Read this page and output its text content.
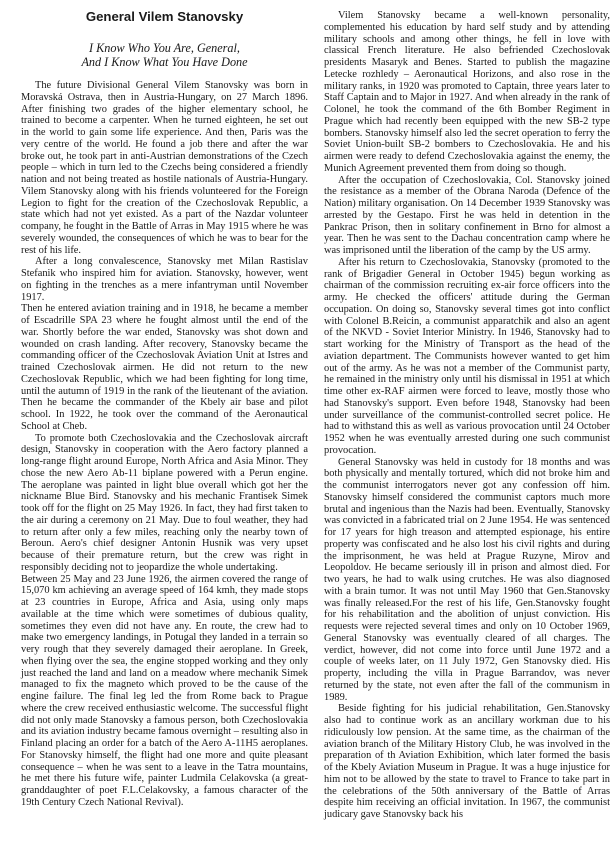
General Vilem Stanovsky
I Know Who You Are, General,
And I Know What You Have Done

The future Divisional General Vilem Stanovsky was born in Moravská Ostrava, then in Austria-Hungary, on 27 March 1896. After finishing two grades of the higher elementary school, he trained to become a carpenter. When he turned eighteen, he set out in the world to gain some life experience. And then, Paris was the very centre of the world. He found a job there and after the war broke out, he took part in anti-Austrian demonstrations of the Czech people – which in turn led to the Czechs being considered a friendly nation and not being treated as hostile nationals of Austria-Hungary. Vilem Stanovsky along with his friends volunteered for the Foreign Legion to fight for the creation of the Czechoslovak Republic, a state which had not yet existed. As a part of the Nazdar volunteer company, he fought in the Battle of Arras in May 1915 where he was severely wounded, the consequences of which he was to bear for the rest of his life.

After a long convalescence, Stanovsky met Milan Rastislav Stefanik who inspired him for aviation. Stanovsky, however, went on fighting in the trenches as a mere infantryman until November 1917.

Then he entered aviation training and in 1918, he became a member of Escadrille SPA 23 where he fought almost until the end of the war. Shortly before the war ended, Stanovsky was shot down and wounded on crash landing. After recovery, Stanovsky became the commanding officer of the Czechoslovak Aviation Unit at Istres and trained Czechoslovak airmen. He did not return to the new Czechoslovak Republic, which we had been fighting for long time, until the autumn of 1919 in the rank of the lieutenant of the aviation. Then he became the commander of the Kbely air base and pilot school. In 1922, he took over the command of the Aeronautical School at Cheb.

To promote both Czechoslovakia and the Czechoslovak aircraft design, Stanovsky in cooperation with the Aero factory planned a long-range flight around Europe, North Africa and Asia Minor. They chose the new Aero Ab-11 biplane powered with a Perun engine. The aeroplane was painted in light blue overall which got her the nickname Blue Bird. Stanovsky and his mechanic Frantisek Simek took off for the flight on 25 May 1926. In fact, they had first taken to the air during a ceremony on 21 May. Due to foul weather, they had to return after only a few miles, reaching only the nearby town of Beroun. Aero's chief designer Antonin Husnik was very upset because of their premature return, but the crew was right in responsibly deciding not to jeopardize the whole undertaking.

Between 25 May and 23 June 1926, the airmen covered the range of 15,070 km achieving an average speed of 164 kmh, they made stops at 23 countries in Europe, Africa and Asia, using only maps available at the time which were sometimes of dubious quality, sometimes they even did not have any. En route, the crew had to make two emergency landings, in Potugal they landed in a terrain so very rough that they severely damaged their aeroplane. In Greek, when flying over the sea, the engine stopped working and they only just reached the land and land on a meadow where mechanik Simek managed to fix the magneto which proved to be the cause of the engine failure. The final leg led the from Rome back to Prague where the crew received enthusiastic welcome. The successful flight did not only made Stanovsky a famous person, both Czechoslovakia and its aviation industry became famous overnight – resulting also in Finland placing an order for a batch of the Aero A-11H5 aeroplanes. For Stanovsky himself, the flight had one more and quite pleasant consequence – when he was sent to a leave in the Tatra mountains, he met there his future wife, painter Ludmila Celakovska (a great-granddaughter of poet F.L.Celakovsky, a famous character of the 19th Century Czech National Revival).

Vilem Stanovsky became a well-known personality, complemented his education by hard self study and by attending military schools and among other things, he fell in love with classical French literature. He also befriended Czechoslovak presidents Masaryk and Benes. Started to publish the magazine Letecke rozhledy – Aeronautical Horizons, and also rose in the military ranks, in 1920 was promoted to Captain, three years later to Staff Captain and to Major in 1927. And when already in the rank of Colonel, he took the command of the 6th Bomber Regiment in Prague which had recently been equipped with the new SB-2 type bombers. Stanovsky himself also led the secret operation to ferry the Soviet Union-built SB-2 bombers to Czechoslovakia. He and his airmen were ready to defend Czechoslovakia against the enemy, the Munich Agreement prevented them from doing so though.

After the occupation of Czechoslovakia, Col. Stanovsky joined the resistance as a member of the Obrana Naroda (Defence of the Nation) military organisation. On 14 December 1939 Stanovsky was arrested by the Gestapo. First he was held in detention in the Pankrac Prison, then in solitary confinement in Brno for almost a year. Then he was sent to the Dachau concentration camp where he was imprisoned until the liberation of the camp by the US army.

After his return to Czechoslovakia, Stanovsky (promoted to the rank of Brigadier General in October 1945) begun working as chairman of the commission recruiting ex-air force officers into the army. He checked the officers' attitude during the German occupation. On doing so, Stanovsky several times got into conflict with Colonel B.Reicin, a communist apparatchik and also an agent of the NKVD - Soviet Interior Ministry. In 1946, Stanovsky had to start working for the Ministry of Transport as the head of the aviation department. The Communists however wanted to get him out of the army. As he was not a member of the Communist party, he remained in the ministry only until his dismissal in 1951 at which time other ex-RAF airmen were forced to leave, mostly those who had Stanovsky's support. Even before 1948, Stanovsky had been under surveillance of the communist-controlled secret police. He had to withstand this as well as various provocation until 24 October 1952 when he was eventually arrested during one such communist provocation.

General Stanovsky was held in custody for 18 months and was both physically and mentally tortured, which did not broke him and the communist interrogators never got any confession off him. Stanovsky himself considered the communist captors much more brutal and ingenious than the Nazis had been. Eventually, Stanovsky was convicted in a fabricated trial on 2 June 1954. He was sentenced for 17 years for high treason and attempted espionage, his entire property was confiscated and he also lost his civil rights and during the imprisonment, he was held at Prague Ruzyne, Mirov and Leopoldov. He became seriously ill in prison and almost died. For two years, he had to walk using crutches. He was also diagnosed with a brain tumor. It was not until May 1960 that Gen.Stanovsky was finally released.For the rest of his life, Gen.Stanovsky fought for his rehabilitation and the abolition of unjust conviction. His requests were rejected several times and only on 10 October 1969, General Stanovsky was eventually cleared of all charges. The verdict, however, did not come into force until June 1972 and a couple of weeks later, on 11 July 1972, Gen Stanovsky died. His property, including the villa in Prague Barrandov, was never returned by the state, not even after the fall of the communism in 1989.

Beside fighting for his judicial rehabilitation, Gen.Stanovsky also had to continue work as an ancillary workman due to his ridiculously low pension. At the same time, as the chairman of the aviation branch of the Military History Club, he was involved in the preparation of th Aviation Exhibition, which later formed the basis of the Kbely Aviation Museum in Prague. It was a huge injustice for him not to be allowed by the state to travel to France to take part in the celebrations of the 50th anniversary of the Battle of Arras despite him receiving an official invitation. In 1967, the communist judicary gave Stanovsky back his
